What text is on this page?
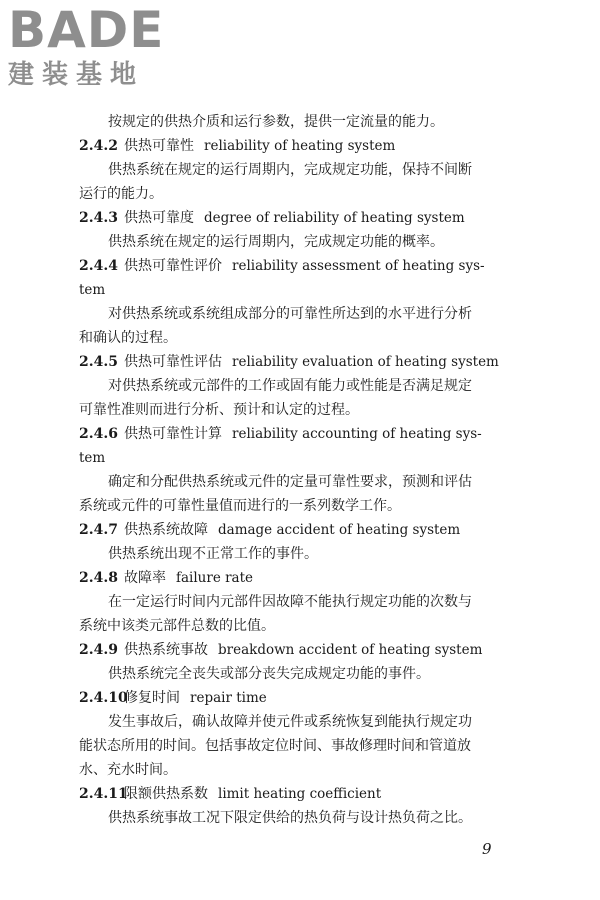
BADE
建装基地
按规定的供热介质和运行参数，提供一定流量的能力。
2.4.2 供热可靠性 reliability of heating system
供热系统在规定的运行周期内，完成规定功能，保持不间断
运行的能力。
2.4.3 供热可靠度 degree of reliability of heating system
供热系统在规定的运行周期内，完成规定功能的概率。
2.4.4 供热可靠性评价 reliability assessment of heating sys-
tem
对供热系统或系统组成部分的可靠性所达到的水平进行分析
和确认的过程。
2.4.5 供热可靠性评估 reliability evaluation of heating system
对供热系统或元部件的工作或固有能力或性能是否满足规定
可靠性准则而进行分析、预计和认定的过程。
2.4.6 供热可靠性计算 reliability accounting of heating sys-
tem
确定和分配供热系统或元件的定量可靠性要求，预测和评估
系统或元件的可靠性量值而进行的一系列数学工作。
2.4.7 供热系统故障 damage accident of heating system
供热系统出现不正常工作的事件。
2.4.8 故障率 failure rate
在一定运行时间内元部件因故障不能执行规定功能的次数与
系统中该类元部件总数的比值。
2.4.9 供热系统事故 breakdown accident of heating system
供热系统完全丧失或部分丧失完成规定功能的事件。
2.4.10修复时间 repair time
发生事故后，确认故障并使元件或系统恢复到能执行规定功
能状态所用的时间。包括事故定位时间、事故修理时间和管道放
水、充水时间。
2.4.11限额供热系数 limit heating coefficient
供热系统事故工况下限定供给的热负荷与设计热负荷之比。
9
